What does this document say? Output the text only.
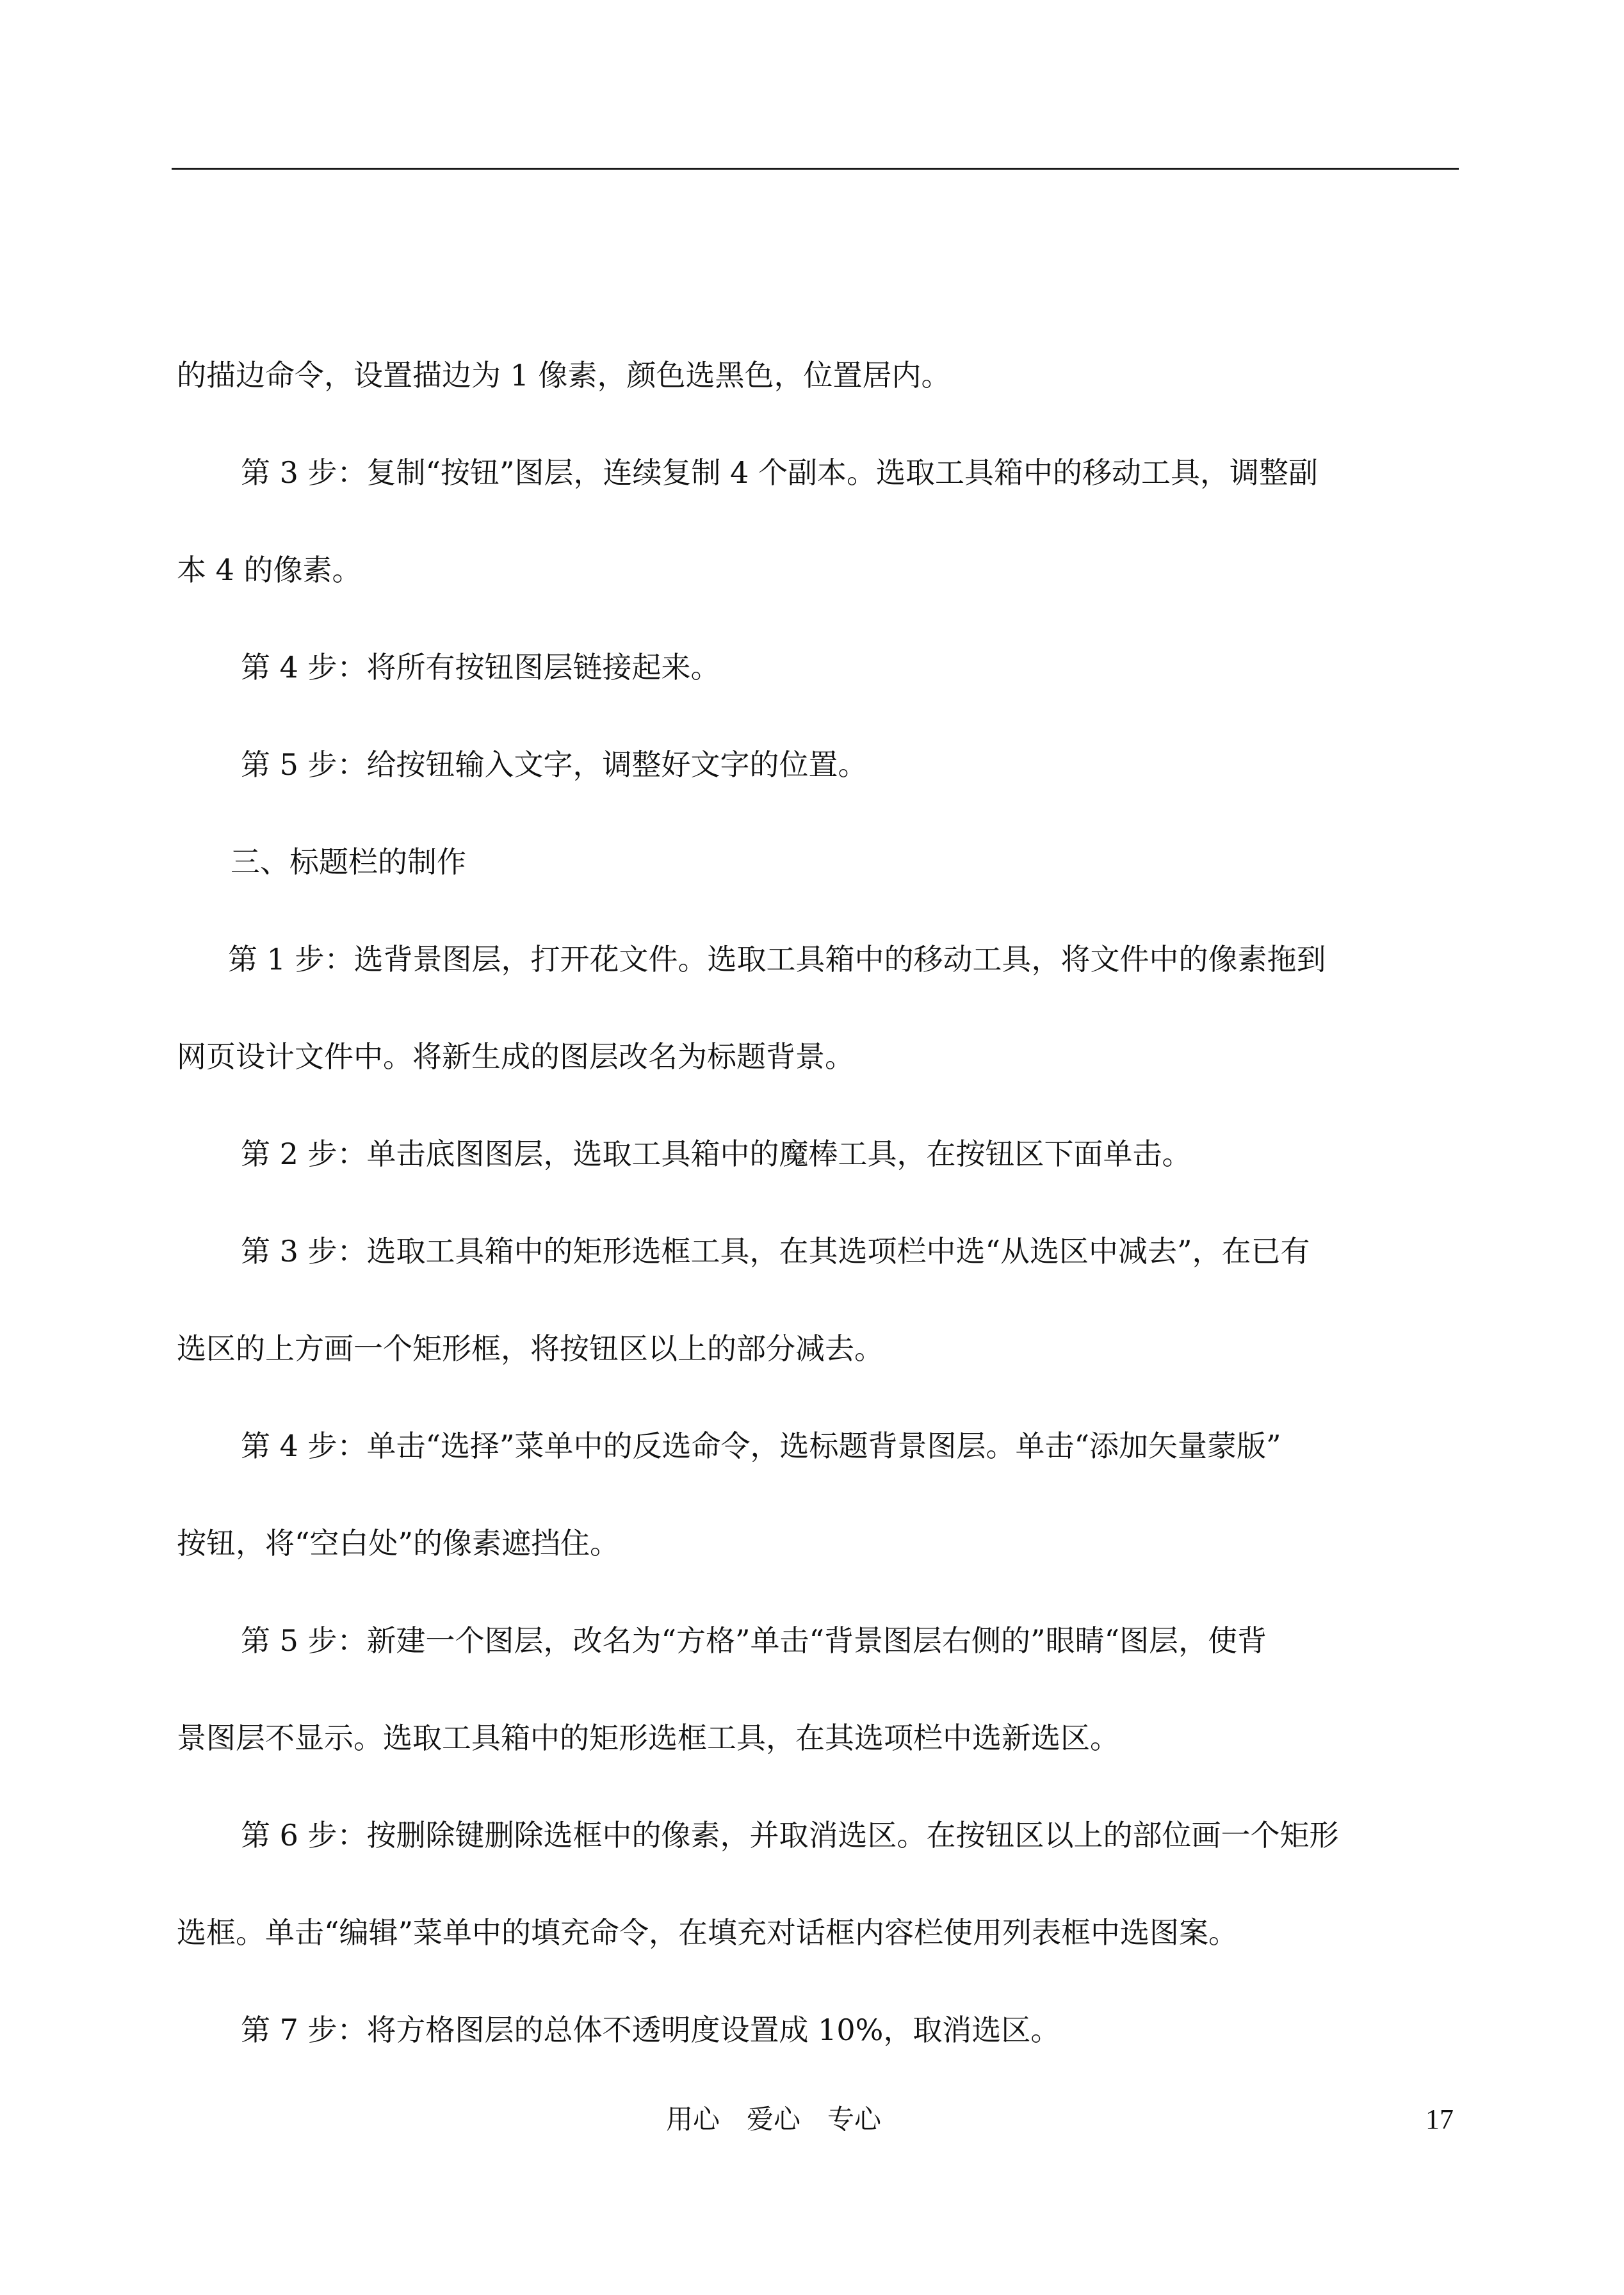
的描边命令，设置描边为 1 像素，颜色选黑色，位置居内。
第 3 步：复制“按钮”图层，连续复制 4 个副本。选取工具箱中的移动工具，调整副
本 4 的像素。
第 4 步：将所有按钮图层链接起来。
第 5 步：给按钮输入文字，调整好文字的位置。
三、标题栏的制作
第 1 步：选背景图层，打开花文件。选取工具箱中的移动工具，将文件中的像素拖到
网页设计文件中。将新生成的图层改名为标题背景。
第 2 步：单击底图图层，选取工具箱中的魔棒工具，在按钮区下面单击。
第 3 步：选取工具箱中的矩形选框工具，在其选项栏中选“从选区中减去”，在已有
选区的上方画一个矩形框，将按钮区以上的部分减去。
第 4 步：单击“选择”菜单中的反选命令，选标题背景图层。单击“添加矢量蒙版”
按钮，将“空白处”的像素遮挡住。
第 5 步：新建一个图层，改名为“方格”单击“背景图层右侧的”眼睛“图层，使背
景图层不显示。选取工具箱中的矩形选框工具，在其选项栏中选新选区。
第 6 步：按删除键删除选框中的像素，并取消选区。在按钮区以上的部位画一个矩形
选框。单击“编辑”菜单中的填充命令，在填充对话框内容栏使用列表框中选图案。
第 7 步：将方格图层的总体不透明度设置成 10%，取消选区。
用心　爱心　专心	17
